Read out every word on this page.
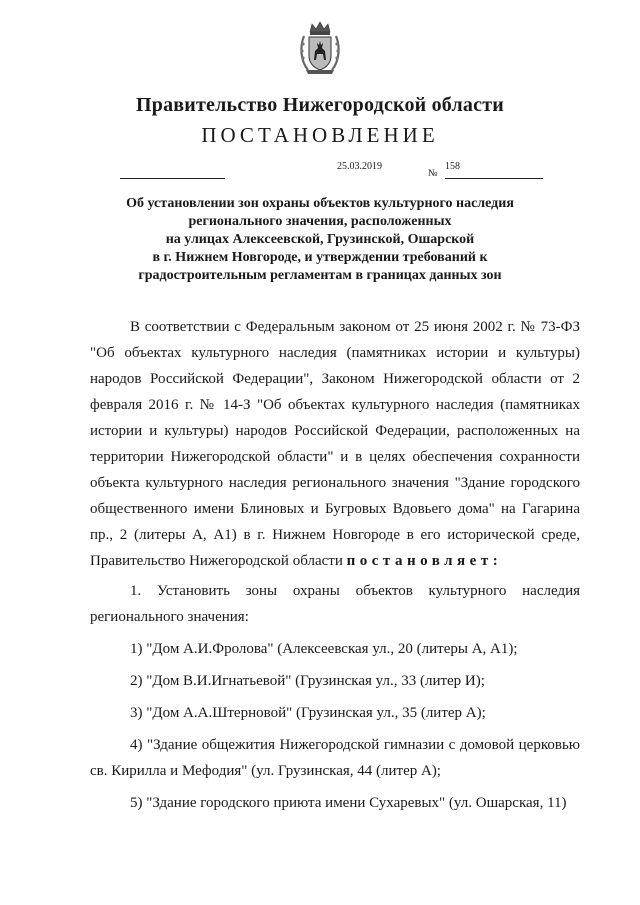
Правительство Нижегородской области
ПОСТАНОВЛЕНИЕ
25.03.2019
№
158
Об установлении зон охраны объектов культурного наследия
регионального значения, расположенных
на улицах Алексеевской, Грузинской, Ошарской
в г. Нижнем Новгороде, и утверждении требований к
градостроительным регламентам в границах данных зон

В соответствии с Федеральным законом от 25 июня 2002 г. № 73-ФЗ "Об объектах культурного наследия (памятниках истории и культуры) народов Российской Федерации", Законом Нижегородской области от 2 февраля 2016 г. № 14-З "Об объектах культурного наследия (памятниках истории и культуры) народов Российской Федерации, расположенных на территории Нижегородской области" и в целях обеспечения сохранности объекта культурного наследия регионального значения "Здание городского общественного имени Блиновых и Бугровых Вдовьего дома" на Гагарина пр., 2 (литеры А, А1) в г. Нижнем Новгороде в его исторической среде, Правительство Нижегородской области постановляет:

1. Установить зоны охраны объектов культурного наследия регионального значения:

1) "Дом А.И.Фролова" (Алексеевская ул., 20 (литеры А, А1);

2) "Дом В.И.Игнатьевой" (Грузинская ул., 33 (литер И);

3) "Дом А.А.Штерновой" (Грузинская ул., 35 (литер А);

4) "Здание общежития Нижегородской гимназии с домовой церковью св. Кирилла и Мефодия" (ул. Грузинская, 44 (литер А);

5) "Здание городского приюта имени Сухаревых" (ул. Ошарская, 11)
